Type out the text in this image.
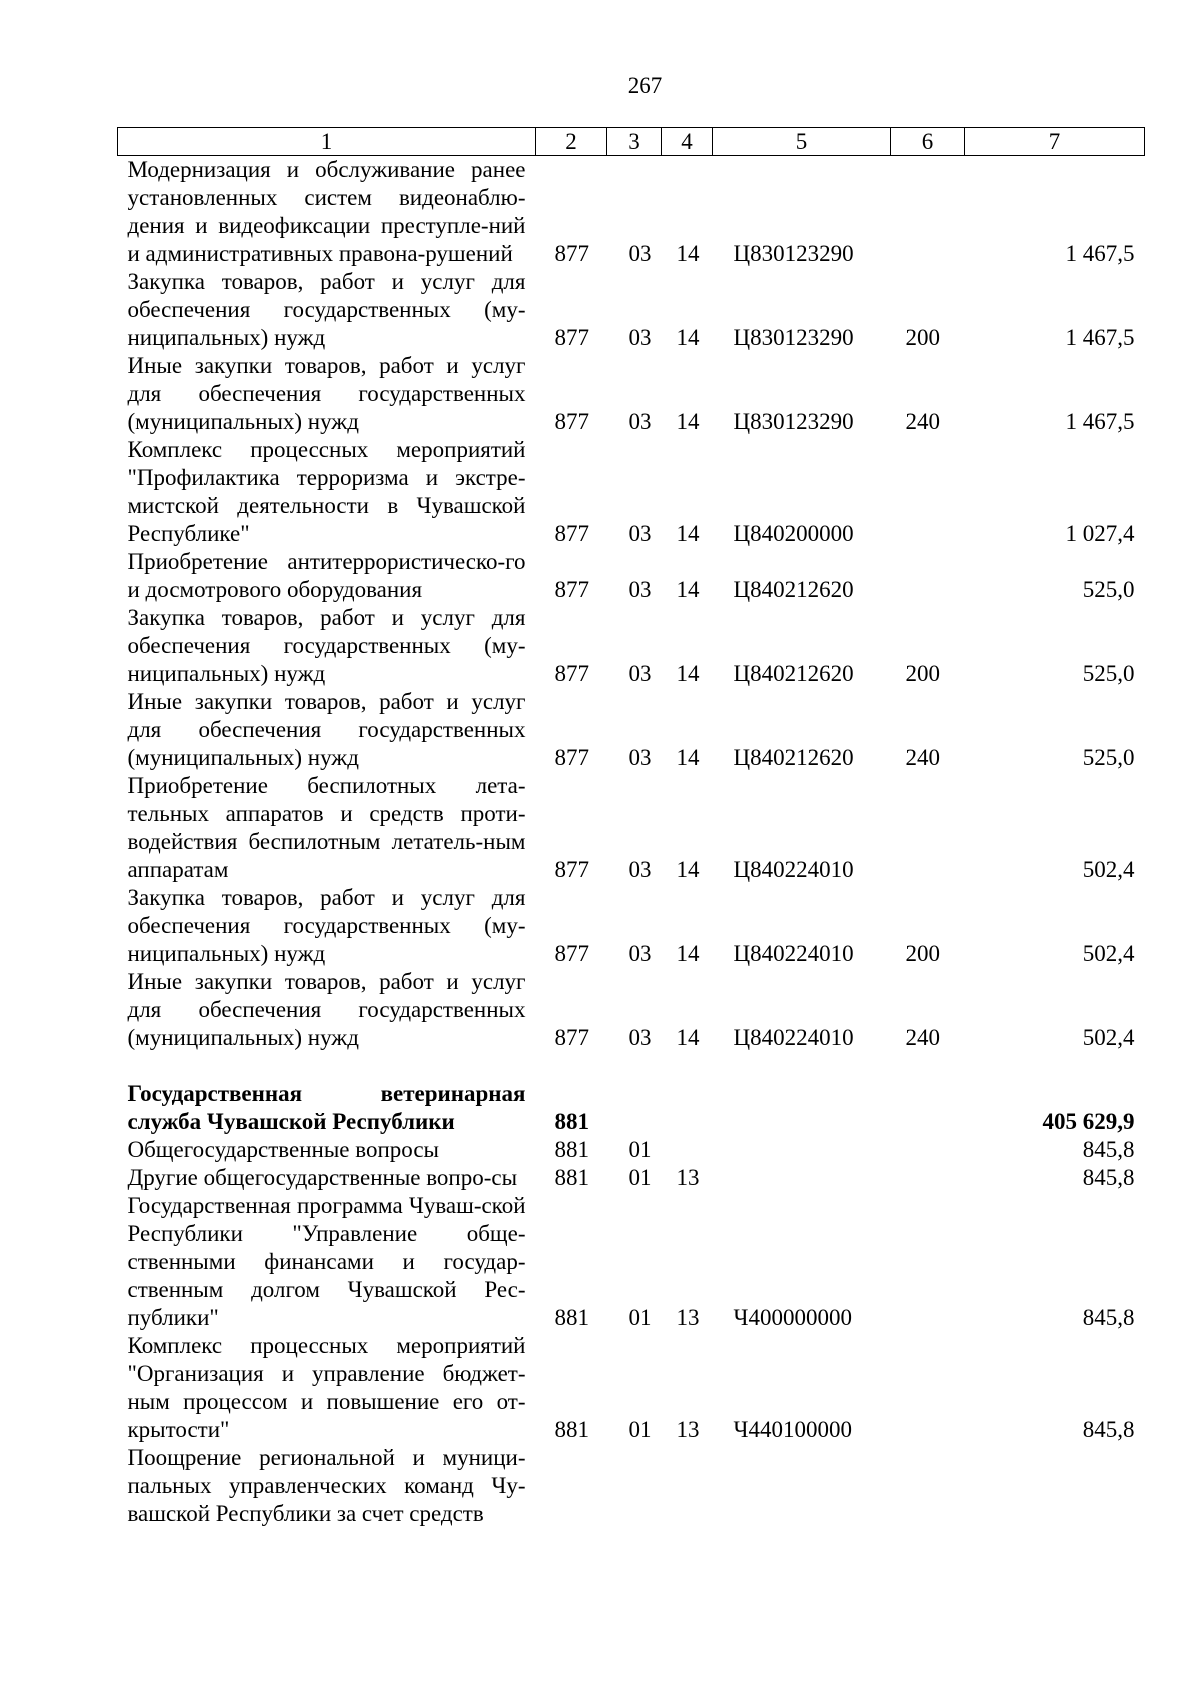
267
1	2	3	4	5	6	7
Модернизация и обслуживание ранее установленных систем видеонаблю-дения и видеофиксации преступле-ний и административных правона-рушений	877	03	14	Ц830123290		1 467,5
Закупка товаров, работ и услуг для обеспечения государственных (му-ниципальных) нужд	877	03	14	Ц830123290	200	1 467,5
Иные закупки товаров, работ и услуг для обеспечения государственных (муниципальных) нужд	877	03	14	Ц830123290	240	1 467,5
Комплекс процессных мероприятий "Профилактика терроризма и экстре-мистской деятельности в Чувашской Республике"	877	03	14	Ц840200000		1 027,4
Приобретение антитеррористическо-го и досмотрового оборудования	877	03	14	Ц840212620		525,0
Закупка товаров, работ и услуг для обеспечения государственных (му-ниципальных) нужд	877	03	14	Ц840212620	200	525,0
Иные закупки товаров, работ и услуг для обеспечения государственных (муниципальных) нужд	877	03	14	Ц840212620	240	525,0
Приобретение беспилотных лета-тельных аппаратов и средств проти-водействия беспилотным летатель-ным аппаратам	877	03	14	Ц840224010		502,4
Закупка товаров, работ и услуг для обеспечения государственных (му-ниципальных) нужд	877	03	14	Ц840224010	200	502,4
Иные закупки товаров, работ и услуг для обеспечения государственных (муниципальных) нужд	877	03	14	Ц840224010	240	502,4

Государственная ветеринарная служба Чувашской Республики	881					405 629,9
Общегосударственные вопросы	881	01				845,8
Другие общегосударственные вопро-сы	881	01	13			845,8
Государственная программа Чуваш-ской Республики "Управление обще-ственными финансами и государ-ственным долгом Чувашской Рес-публики"	881	01	13	Ч400000000		845,8
Комплекс процессных мероприятий "Организация и управление бюджет-ным процессом и повышение его от-крытости"	881	01	13	Ч440100000		845,8
Поощрение региональной и муници-пальных управленческих команд Чу-вашской Республики за счет средств						
